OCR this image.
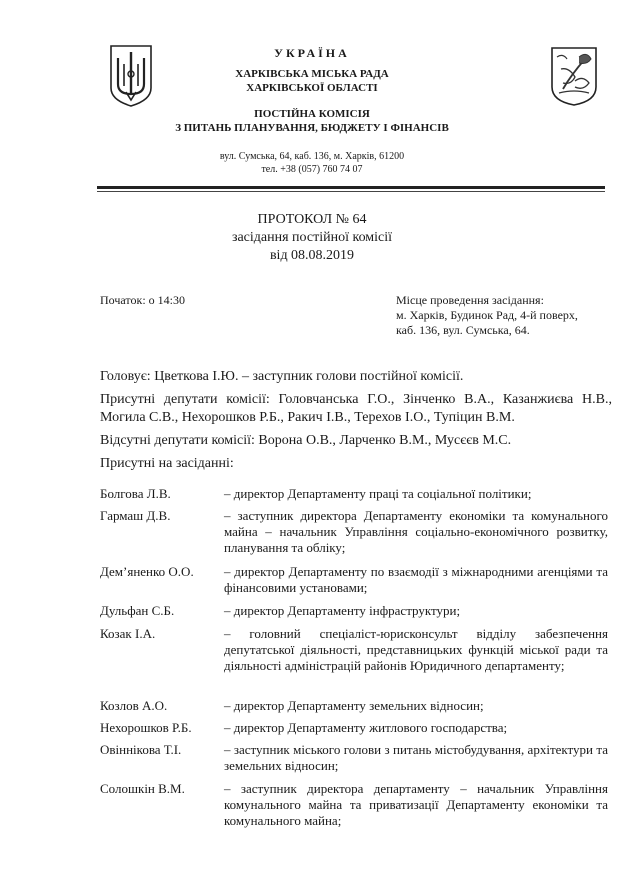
УКРАЇНА
ХАРКІВСЬКА МІСЬКА РАДА
ХАРКІВСЬКОЇ ОБЛАСТІ
ПОСТІЙНА КОМІСІЯ
З ПИТАНЬ ПЛАНУВАННЯ, БЮДЖЕТУ І ФІНАНСІВ
вул. Сумська, 64, каб. 136, м. Харків, 61200
тел. +38 (057) 760 74 07
ПРОТОКОЛ № 64
засідання постійної комісії
від 08.08.2019
Початок: о 14:30	Місце проведення засідання:
м. Харків, Будинок Рад, 4-й поверх,
каб. 136, вул. Сумська, 64.
Головує: Цветкова І.Ю. – заступник голови постійної комісії.
Присутні депутати комісії: Головчанська Г.О., Зінченко В.А., Казанжиєва Н.В., Могила С.В., Нехорошков Р.Б., Ракич І.В., Терехов І.О., Тупіцин В.М.
Відсутні депутати комісії: Ворона О.В., Ларченко В.М., Мусєєв М.С.
Присутні на засіданні:
Болгова Л.В.	– директор Департаменту праці та соціальної політики;
Гармаш Д.В.	– заступник директора Департаменту економіки та комунального майна – начальник Управління соціально-економічного розвитку, планування та обліку;
Дем’яненко О.О.	– директор Департаменту по взаємодії з міжнародними агенціями та фінансовими установами;
Дульфан С.Б.	– директор Департаменту інфраструктури;
Козак І.А.	– головний спеціаліст-юрисконсульт відділу забезпечення депутатської діяльності, представницьких функцій міської ради та діяльності адміністрацій районів Юридичного департаменту;
Козлов А.О.	– директор Департаменту земельних відносин;
Нехорошков Р.Б.	– директор Департаменту житлового господарства;
Овіннікова Т.І.	– заступник міського голови з питань містобудування, архітектури та земельних відносин;
Солошкін В.М.	– заступник директора департаменту – начальник Управління комунального майна та приватизації Департаменту економіки та комунального майна;
